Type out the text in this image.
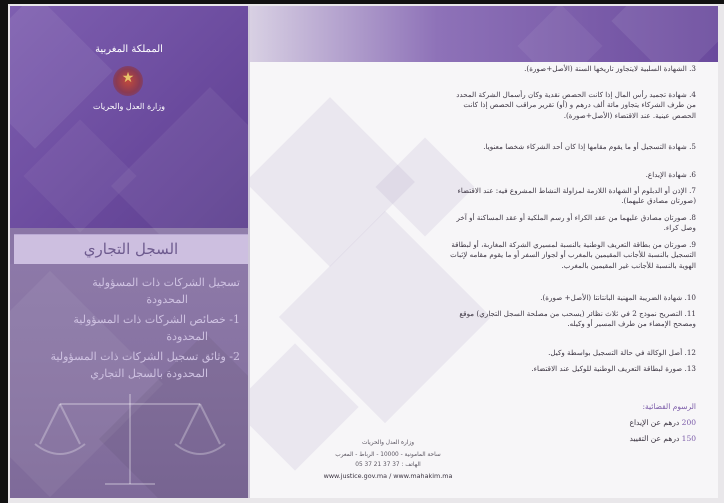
المملكة المغربية
★
وزارة العدل والحريات
السجل التجاري
تسجيل الشركات ذات المسؤولية
المحدودة
1- خصائص الشركات ذات المسؤولية
المحدودة
2- وثائق تسجيل الشركات ذات المسؤولية
المحدودة بالسجل التجاري
3. الشهادة السلبية لايتجاوز تاريخها السنة (الأصل+صورة).
4. شهادة تجميد رأس المال إذا كانت الحصص نقدية وكان رأسمال الشركة المحدد من طرف الشركاء يتجاوز مائة ألف درهم و (أو) تقرير مراقب الحصص إذا كانت الحصص عينية. عند الاقتضاء (الأصل+صورة).
5. شهادة التسجيل أو ما يقوم مقامها إذا كان أحد الشركاء شخصا معنويا.
6. شهادة الإيداع.
7. الإذن أو الدبلوم أو الشهادة اللازمة لمزاولة النشاط المشروع فيه: عند الاقتضاء (صورتان مصادق عليهما).
8. صورتان مصادق عليهما من عقد الكراء أو رسم الملكية أو عقد المساكنة أو آخر وصل كراء.
9. صورتان من بطاقة التعريف الوطنية بالنسبة لمسيري الشركة المغاربة، أو لبطاقة التسجيل بالنسبة للأجانب المقيمين بالمغرب أو لجواز السفر أو ما يقوم مقامه لإثبات الهوية بالنسبة للأجانب غير المقيمين بالمغرب.
10. شهادة الضريبة المهنية البانتانتا (الأصل+ صورة).
11. التصريح نموذج 2 في ثلاث نظائر (يسحب من مصلحة السجل التجاري) موقع ومصحح الإمضاء من طرف المسير أو وكيله.
12. أصل الوكالة في حالة التسجيل بواسطة وكيل.
13. صورة لبطاقة التعريف الوطنية للوكيل عند الاقتضاء.
الرسوم القضائية:
200 درهم عن الإيداع
150 درهم عن التقييد
وزارة العدل والحريات
ساحة المامونية - 10000 - الرباط - المغرب
الهاتف : 37 37 21 37 05
www.justice.gov.ma / www.mahakim.ma
